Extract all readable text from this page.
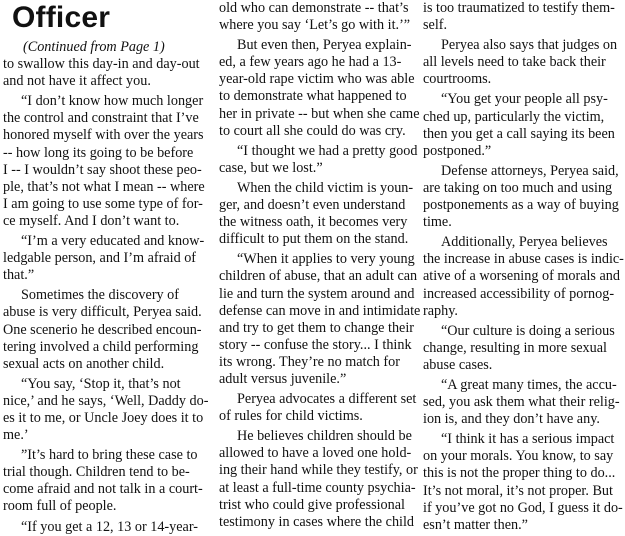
Officer
(Continued from Page 1)
to swallow this day-in and day-out
and not have it affect you.
“I don’t know how much longer
the control and constraint that I’ve
honored myself with over the years
-- how long its going to be before
I -- I wouldn’t say shoot these peo-
ple, that’s not what I mean -- where
I am going to use some type of for-
ce myself. And I don’t want to.
“I’m a very educated and know-
ledgable person, and I’m afraid of
that.”
Sometimes the discovery of
abuse is very difficult, Peryea said.
One scenerio he described encoun-
tering involved a child performing
sexual acts on another child.
“You say, ‘Stop it, that’s not
nice,’ and he says, ‘Well, Daddy do-
es it to me, or Uncle Joey does it to
me.’
”It’s hard to bring these case to
trial though. Children tend to be-
come afraid and not talk in a court-
room full of people.
“If you get a 12, 13 or 14-year-
old who can demonstrate -- that’s
where you say ‘Let’s go with it.’”
But even then, Peryea explain-
ed, a few years ago he had a 13-
year-old rape victim who was able
to demonstrate what happened to
her in private -- but when she came
to court all she could do was cry.
“I thought we had a pretty good
case, but we lost.”
When the child victim is youn-
ger, and doesn’t even understand
the witness oath, it becomes very
difficult to put them on the stand.
“When it applies to very young
children of abuse, that an adult can
lie and turn the system around and
defense can move in and intimidate
and try to get them to change their
story -- confuse the story... I think
its wrong. They’re no match for
adult versus juvenile.”
Peryea advocates a different set
of rules for child victims.
He believes children should be
allowed to have a loved one hold-
ing their hand while they testify, or
at least a full-time county psychia-
trist who could give professional
testimony in cases where the child
is too traumatized to testify them-
self.
Peryea also says that judges on
all levels need to take back their
courtrooms.
“You get your people all psy-
ched up, particularly the victim,
then you get a call saying its been
postponed.”
Defense attorneys, Peryea said,
are taking on too much and using
postponements as a way of buying
time.
Additionally, Peryea believes
the increase in abuse cases is indic-
ative of a worsening of morals and
increased accessibility of pornog-
raphy.
“Our culture is doing a serious
change, resulting in more sexual
abuse cases.
“A great many times, the accu-
sed, you ask them what their relig-
ion is, and they don’t have any.
“I think it has a serious impact
on your morals. You know, to say
this is not the proper thing to do...
It’s not moral, it’s not proper. But
if you’ve got no God, I guess it do-
esn’t matter then.”
